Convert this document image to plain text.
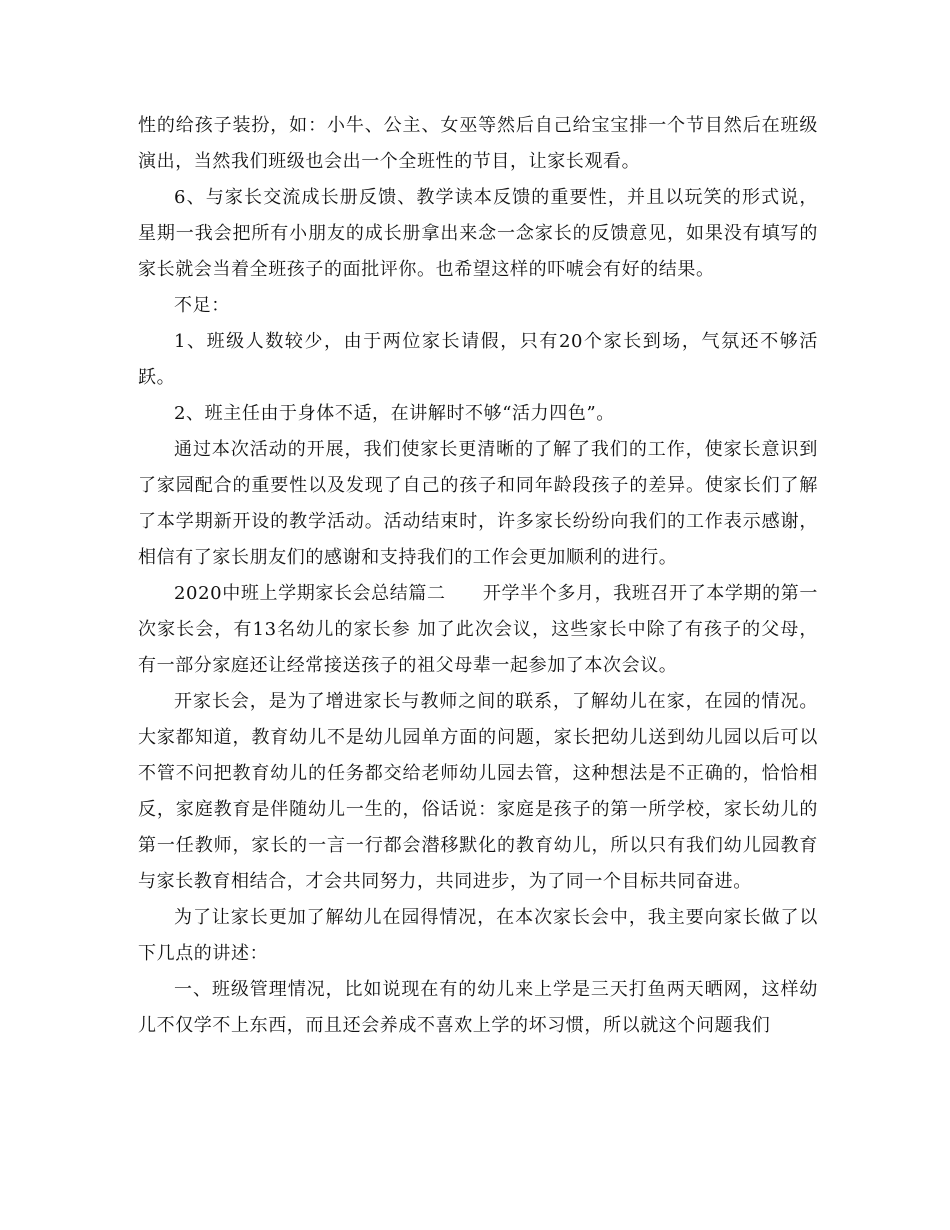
性的给孩子装扮，如：小牛、公主、女巫等然后自己给宝宝排一个节目然后在班级演出，当然我们班级也会出一个全班性的节目，让家长观看。

6、与家长交流成长册反馈、教学读本反馈的重要性，并且以玩笑的形式说，星期一我会把所有小朋友的成长册拿出来念一念家长的反馈意见，如果没有填写的家长就会当着全班孩子的面批评你。也希望这样的吓唬会有好的结果。

不足：

1、班级人数较少，由于两位家长请假，只有20个家长到场，气氛还不够活跃。

2、班主任由于身体不适，在讲解时不够“活力四色”。

通过本次活动的开展，我们使家长更清晰的了解了我们的工作，使家长意识到了家园配合的重要性以及发现了自己的孩子和同年龄段孩子的差异。使家长们了解了本学期新开设的教学活动。活动结束时，许多家长纷纷向我们的工作表示感谢，相信有了家长朋友们的感谢和支持我们的工作会更加顺利的进行。

2020中班上学期家长会总结篇二　　开学半个多月，我班召开了本学期的第一次家长会，有13名幼儿的家长参 加了此次会议，这些家长中除了有孩子的父母，有一部分家庭还让经常接送孩子的祖父母辈一起参加了本次会议。

开家长会，是为了增进家长与教师之间的联系，了解幼儿在家，在园的情况。大家都知道，教育幼儿不是幼儿园单方面的问题，家长把幼儿送到幼儿园以后可以不管不问把教育幼儿的任务都交给老师幼儿园去管，这种想法是不正确的，恰恰相反，家庭教育是伴随幼儿一生的，俗话说：家庭是孩子的第一所学校，家长幼儿的第一任教师，家长的一言一行都会潜移默化的教育幼儿，所以只有我们幼儿园教育与家长教育相结合，才会共同努力，共同进步，为了同一个目标共同奋进。

为了让家长更加了解幼儿在园得情况，在本次家长会中，我主要向家长做了以下几点的讲述：

一、班级管理情况，比如说现在有的幼儿来上学是三天打鱼两天晒网，这样幼儿不仅学不上东西，而且还会养成不喜欢上学的坏习惯，所以就这个问题我们
